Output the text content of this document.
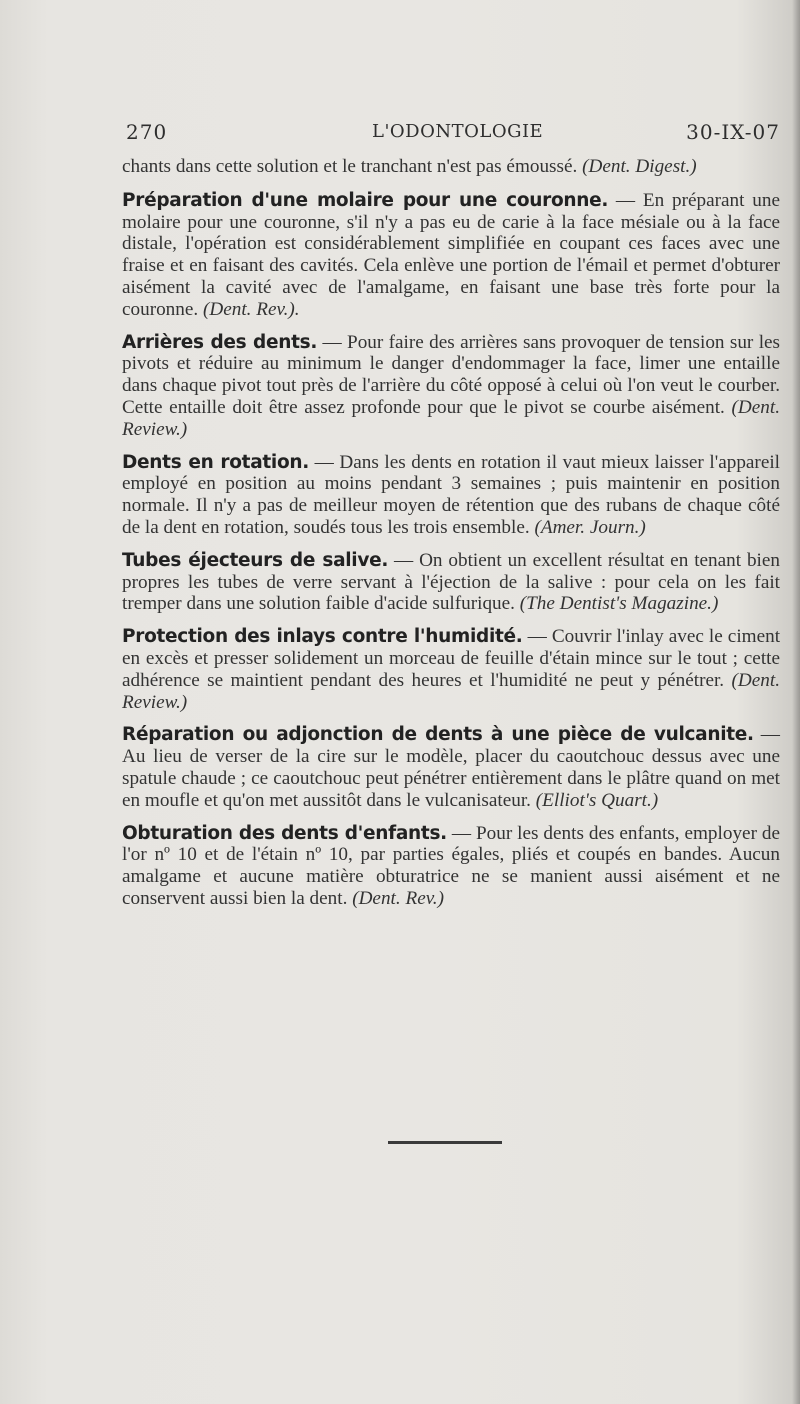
270	L'ODONTOLOGIE	30-IX-07

chants dans cette solution et le tranchant n'est pas émoussé. (Dent. Digest.)

Préparation d'une molaire pour une couronne. — En préparant une molaire pour une couronne, s'il n'y a pas eu de carie à la face mésiale ou à la face distale, l'opération est considérablement simplifiée en coupant ces faces avec une fraise et en faisant des cavités. Cela enlève une portion de l'émail et permet d'obturer aisément la cavité avec de l'amalgame, en faisant une base très forte pour la couronne. (Dent. Rev.).

Arrières des dents. — Pour faire des arrières sans provoquer de tension sur les pivots et réduire au minimum le danger d'endommager la face, limer une entaille dans chaque pivot tout près de l'arrière du côté opposé à celui où l'on veut le courber. Cette entaille doit être assez profonde pour que le pivot se courbe aisément. (Dent. Review.)

Dents en rotation. — Dans les dents en rotation il vaut mieux laisser l'appareil employé en position au moins pendant 3 semaines ; puis maintenir en position normale. Il n'y a pas de meilleur moyen de rétention que des rubans de chaque côté de la dent en rotation, soudés tous les trois ensemble. (Amer. Journ.)

Tubes éjecteurs de salive. — On obtient un excellent résultat en tenant bien propres les tubes de verre servant à l'éjection de la salive : pour cela on les fait tremper dans une solution faible d'acide sulfurique. (The Dentist's Magazine.)

Protection des inlays contre l'humidité. — Couvrir l'inlay avec le ciment en excès et presser solidement un morceau de feuille d'étain mince sur le tout ; cette adhérence se maintient pendant des heures et l'humidité ne peut y pénétrer. (Dent. Review.)

Réparation ou adjonction de dents à une pièce de vulcanite. — Au lieu de verser de la cire sur le modèle, placer du caoutchouc dessus avec une spatule chaude ; ce caoutchouc peut pénétrer entièrement dans le plâtre quand on met en moufle et qu'on met aussitôt dans le vulcanisateur. (Elliot's Quart.)

Obturation des dents d'enfants. — Pour les dents des enfants, employer de l'or nº 10 et de l'étain nº 10, par parties égales, pliés et coupés en bandes. Aucun amalgame et aucune matière obturatrice ne se manient aussi aisément et ne conservent aussi bien la dent. (Dent. Rev.)
